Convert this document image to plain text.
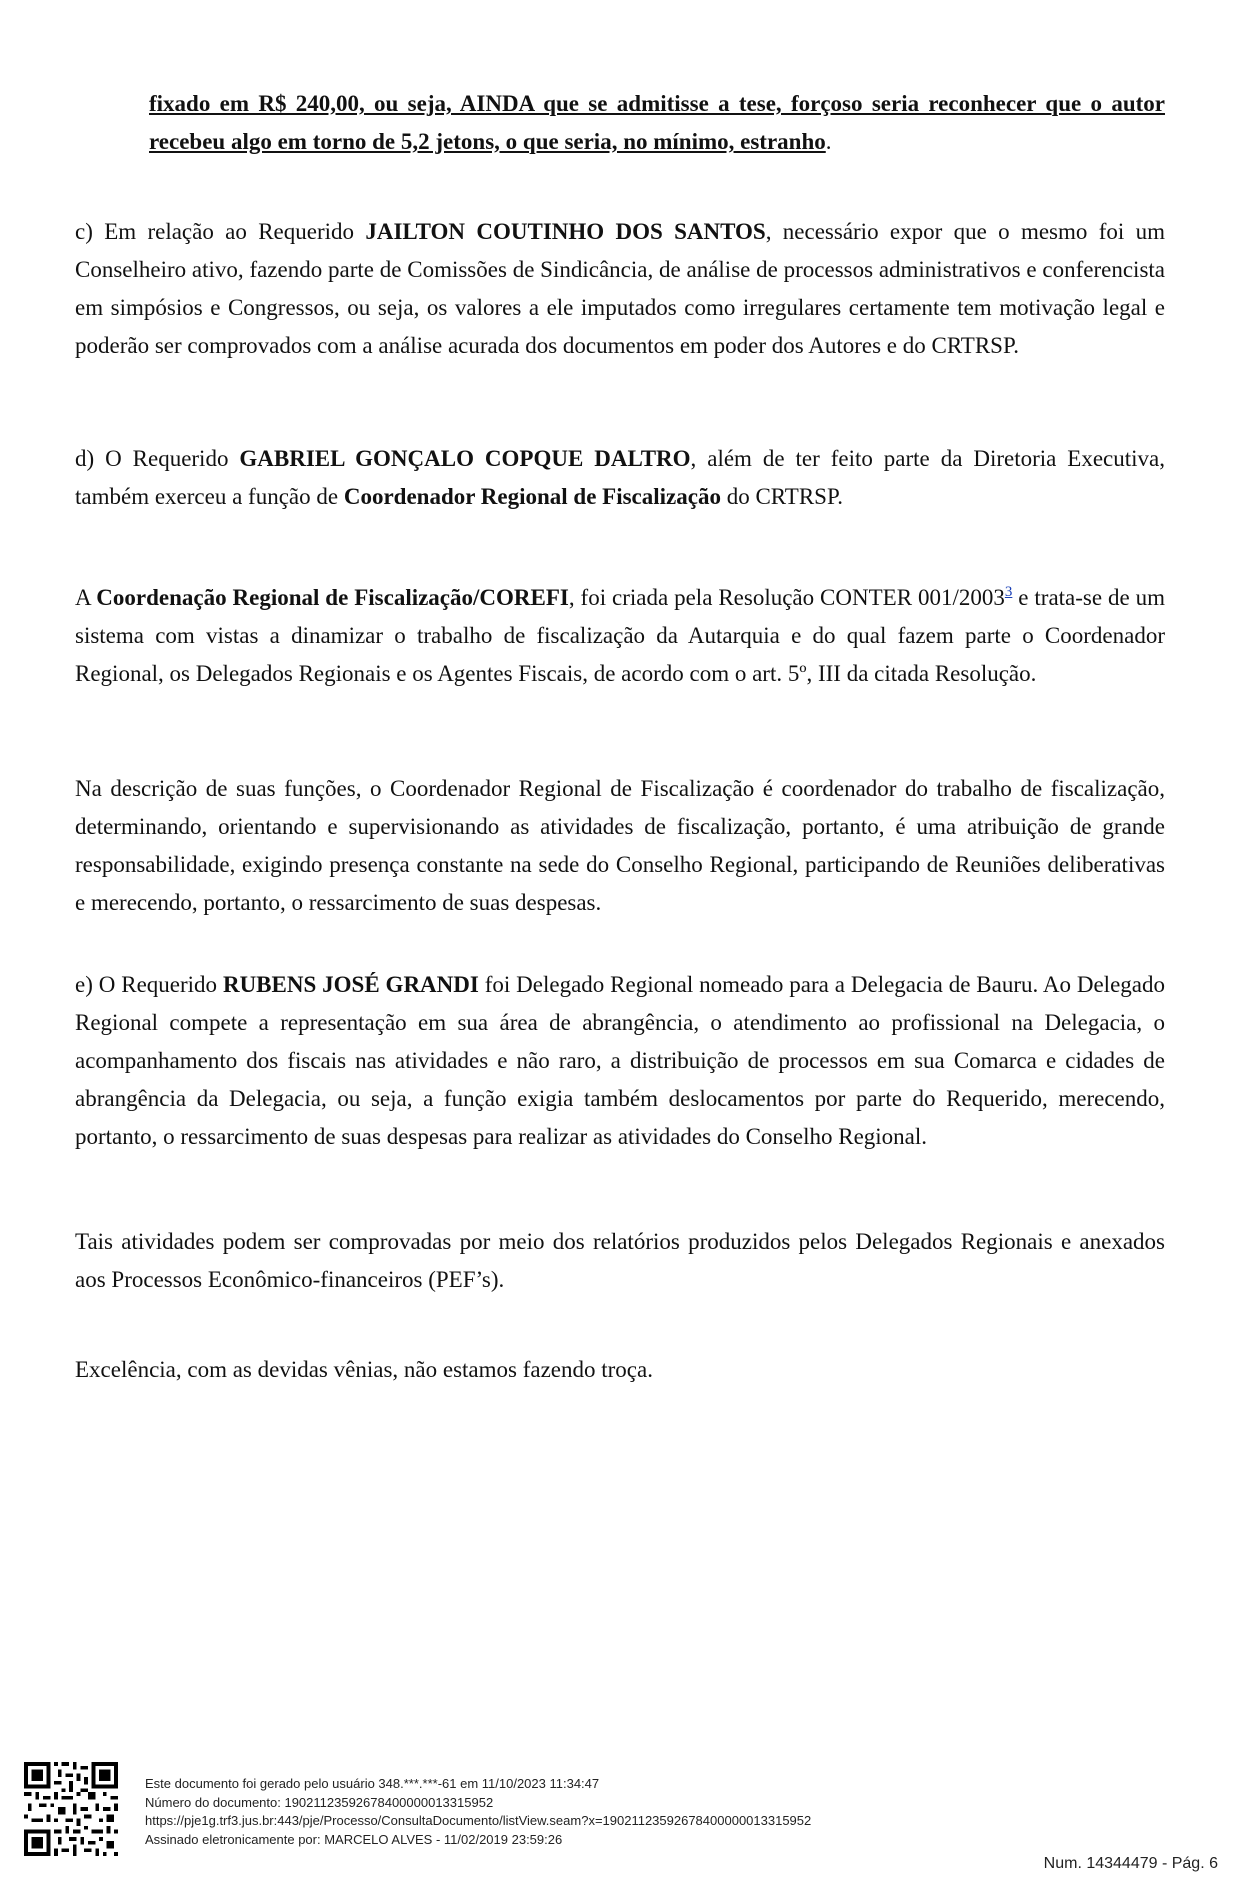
fixado em R$ 240,00, ou seja, AINDA que se admitisse a tese, forçoso seria reconhecer que o autor recebeu algo em torno de 5,2 jetons, o que seria, no mínimo, estranho.

c) Em relação ao Requerido JAILTON COUTINHO DOS SANTOS, necessário expor que o mesmo foi um Conselheiro ativo, fazendo parte de Comissões de Sindicância, de análise de processos administrativos e conferencista em simpósios e Congressos, ou seja, os valores a ele imputados como irregulares certamente tem motivação legal e poderão ser comprovados com a análise acurada dos documentos em poder dos Autores e do CRTRSP.

d) O Requerido GABRIEL GONÇALO COPQUE DALTRO, além de ter feito parte da Diretoria Executiva, também exerceu a função de Coordenador Regional de Fiscalização do CRTRSP.

A Coordenação Regional de Fiscalização/COREFI, foi criada pela Resolução CONTER 001/2003$^3$ e trata-se de um sistema com vistas a dinamizar o trabalho de fiscalização da Autarquia e do qual fazem parte o Coordenador Regional, os Delegados Regionais e os Agentes Fiscais, de acordo com o art. 5º, III da citada Resolução.

Na descrição de suas funções, o Coordenador Regional de Fiscalização é coordenador do trabalho de fiscalização, determinando, orientando e supervisionando as atividades de fiscalização, portanto, é uma atribuição de grande responsabilidade, exigindo presença constante na sede do Conselho Regional, participando de Reuniões deliberativas e merecendo, portanto, o ressarcimento de suas despesas.

e) O Requerido RUBENS JOSÉ GRANDI foi Delegado Regional nomeado para a Delegacia de Bauru. Ao Delegado Regional compete a representação em sua área de abrangência, o atendimento ao profissional na Delegacia, o acompanhamento dos fiscais nas atividades e não raro, a distribuição de processos em sua Comarca e cidades de abrangência da Delegacia, ou seja, a função exigia também deslocamentos por parte do Requerido, merecendo, portanto, o ressarcimento de suas despesas para realizar as atividades do Conselho Regional.

Tais atividades podem ser comprovadas por meio dos relatórios produzidos pelos Delegados Regionais e anexados aos Processos Econômico-financeiros (PEF’s).

Excelência, com as devidas vênias, não estamos fazendo troça.

Este documento foi gerado pelo usuário 348.***.***-61 em 11/10/2023 11:34:47
Número do documento: 19021123592678400000013315952
https://pje1g.trf3.jus.br:443/pje/Processo/ConsultaDocumento/listView.seam?x=19021123592678400000013315952
Assinado eletronicamente por: MARCELO ALVES - 11/02/2019 23:59:26
Num. 14344479 - Pág. 6
